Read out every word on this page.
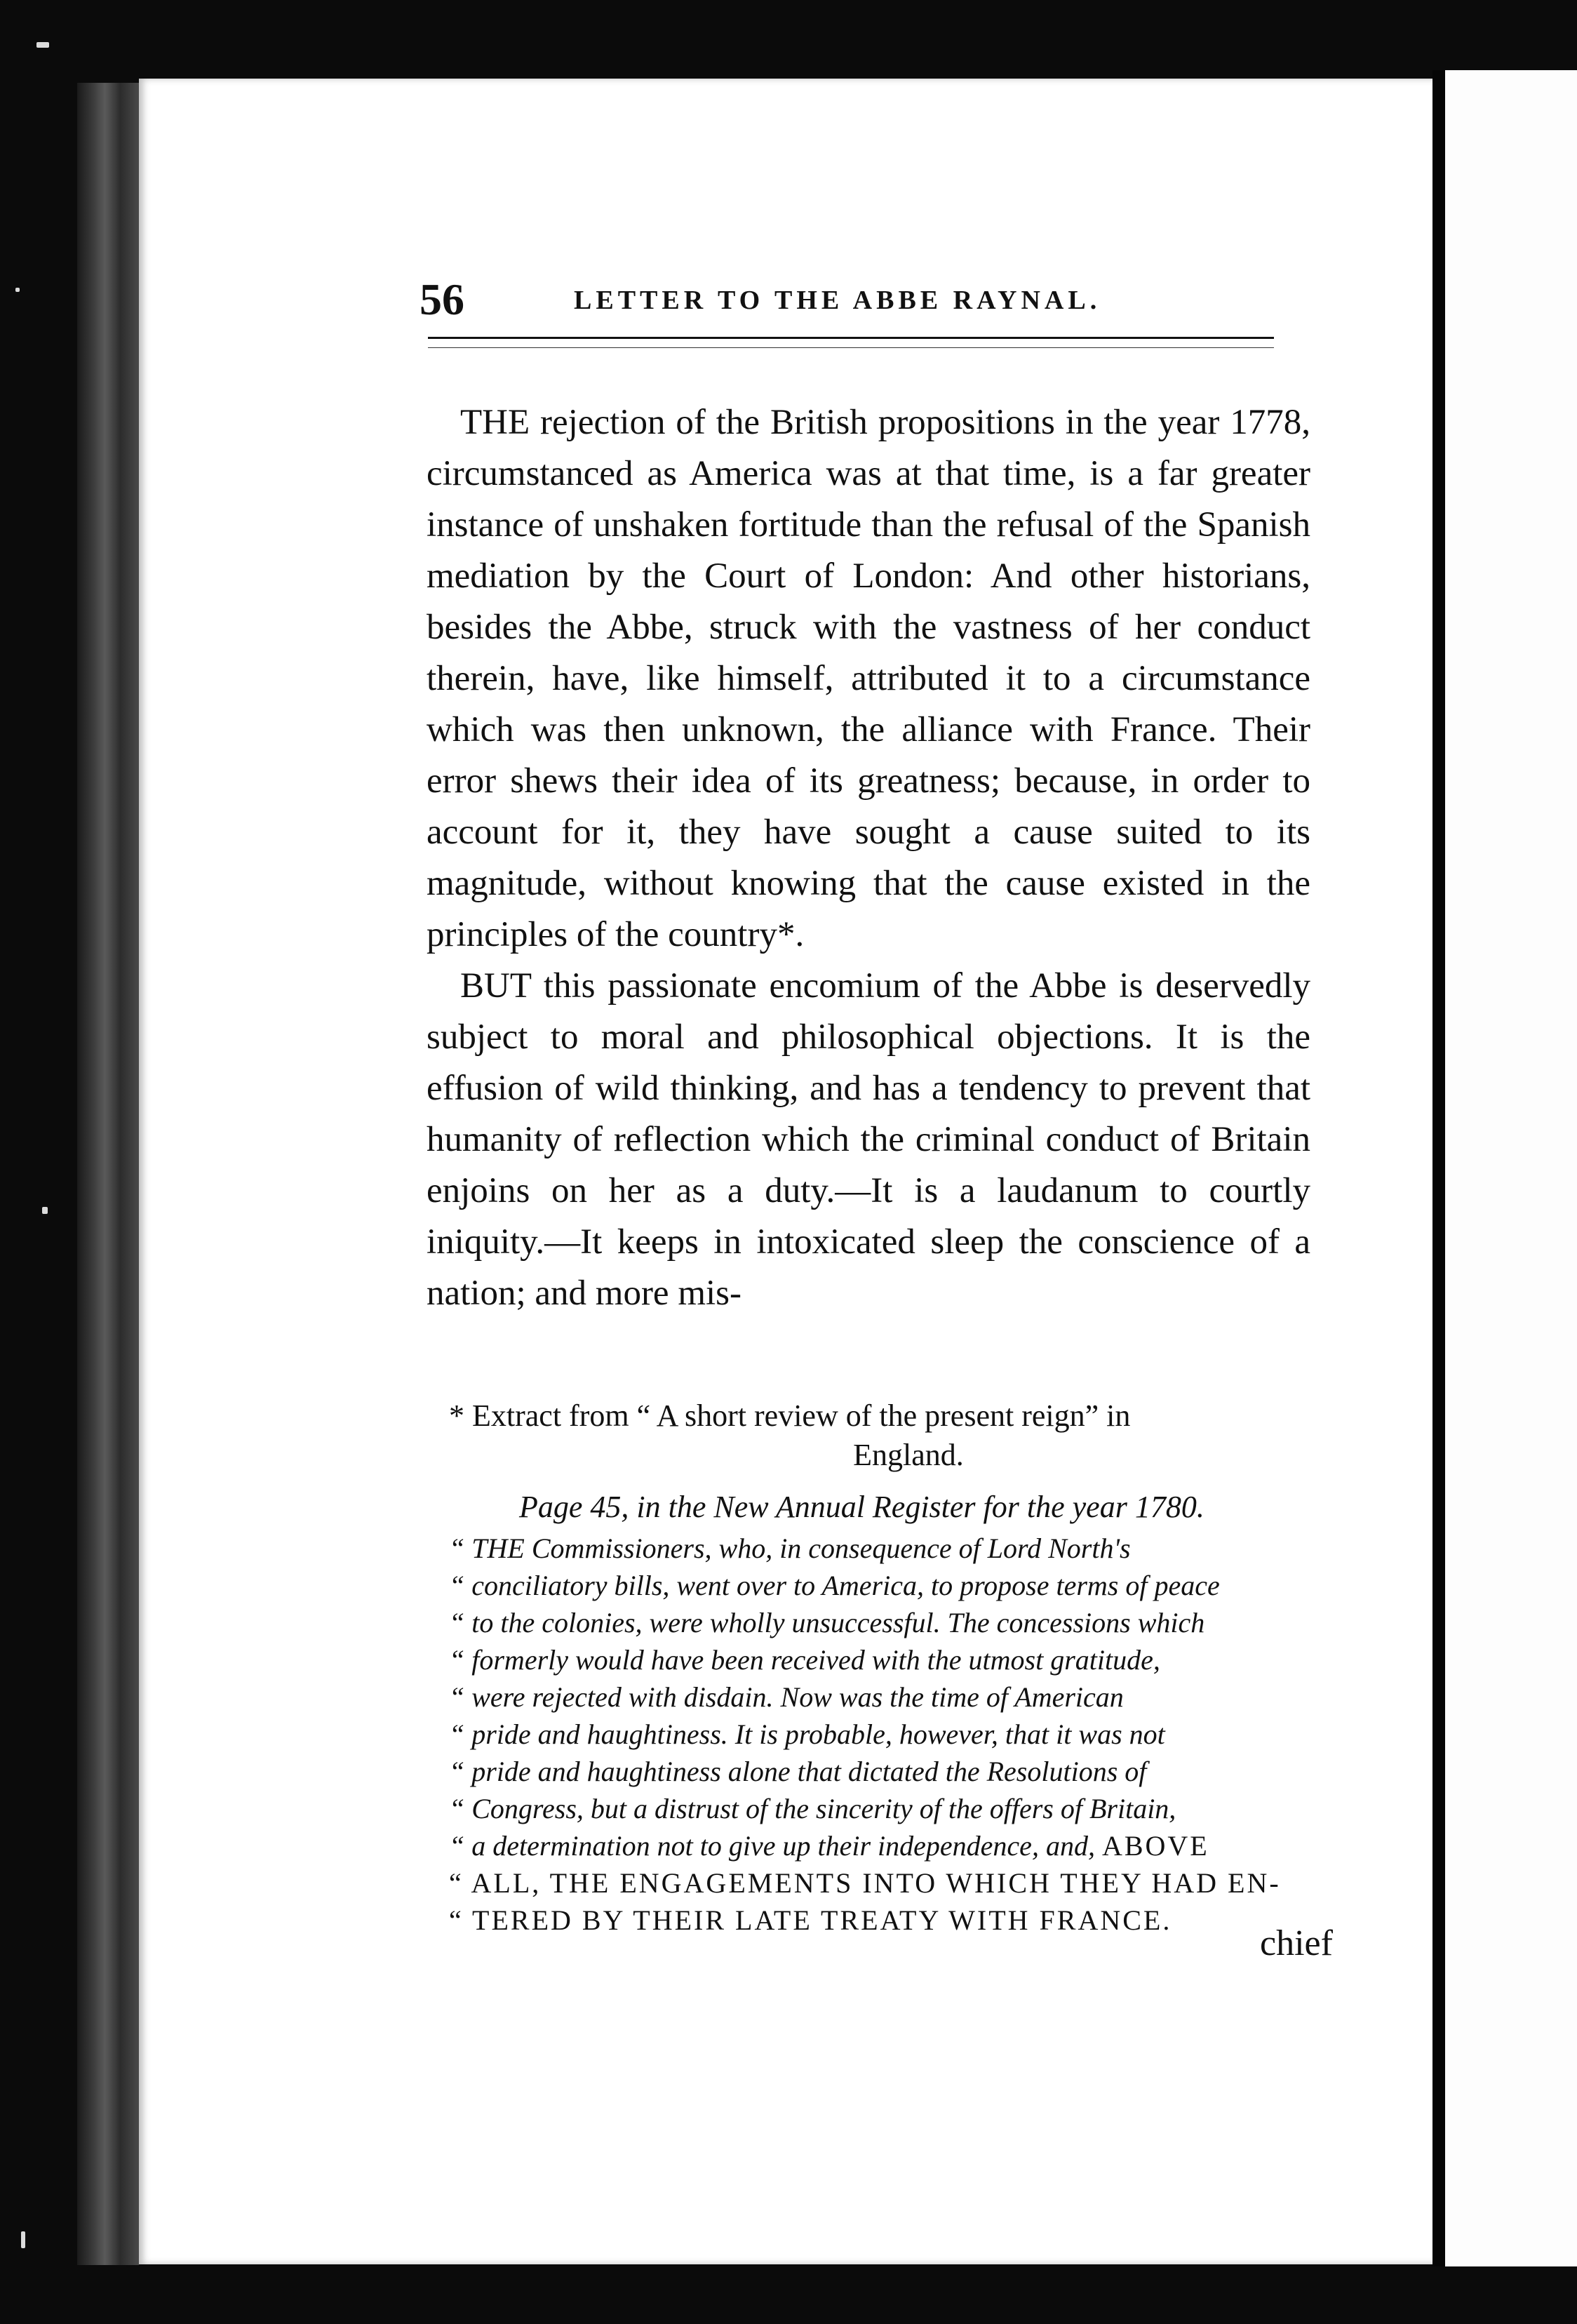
56	LETTER TO THE ABBE RAYNAL.

THE rejection of the British propositions in the year 1778, circumstanced as America was at that time, is a far greater instance of unshaken fortitude than the refusal of the Spanish mediation by the Court of London: And other historians, besides the Abbe, struck with the vastness of her conduct therein, have, like himself, attributed it to a circumstance which was then unknown, the alliance with France. Their error shews their idea of its greatness; because, in order to account for it, they have sought a cause suited to its magnitude, without knowing that the cause existed in the principles of the country*.

BUT this passionate encomium of the Abbe is deservedly subject to moral and philosophical objections. It is the effusion of wild thinking, and has a tendency to prevent that humanity of reflection which the criminal conduct of Britain enjoins on her as a duty.—It is a laudanum to courtly iniquity.—It keeps in intoxicated sleep the conscience of a nation; and more mis-

* Extract from “ A short review of the present reign” in
England.

Page 45, in the New Annual Register for the year 1780.

“ THE Commissioners, who, in consequence of Lord North's
“ conciliatory bills, went over to America, to propose terms of peace
“ to the colonies, were wholly unsuccessful. The concessions which
“ formerly would have been received with the utmost gratitude,
“ were rejected with disdain. Now was the time of American
“ pride and haughtiness. It is probable, however, that it was not
“ pride and haughtiness alone that dictated the Resolutions of
“ Congress, but a distrust of the sincerity of the offers of Britain,
“ a determination not to give up their independence, and, ABOVE
“ ALL, THE ENGAGEMENTS INTO WHICH THEY HAD EN-
“ TERED BY THEIR LATE TREATY WITH FRANCE.
chief
